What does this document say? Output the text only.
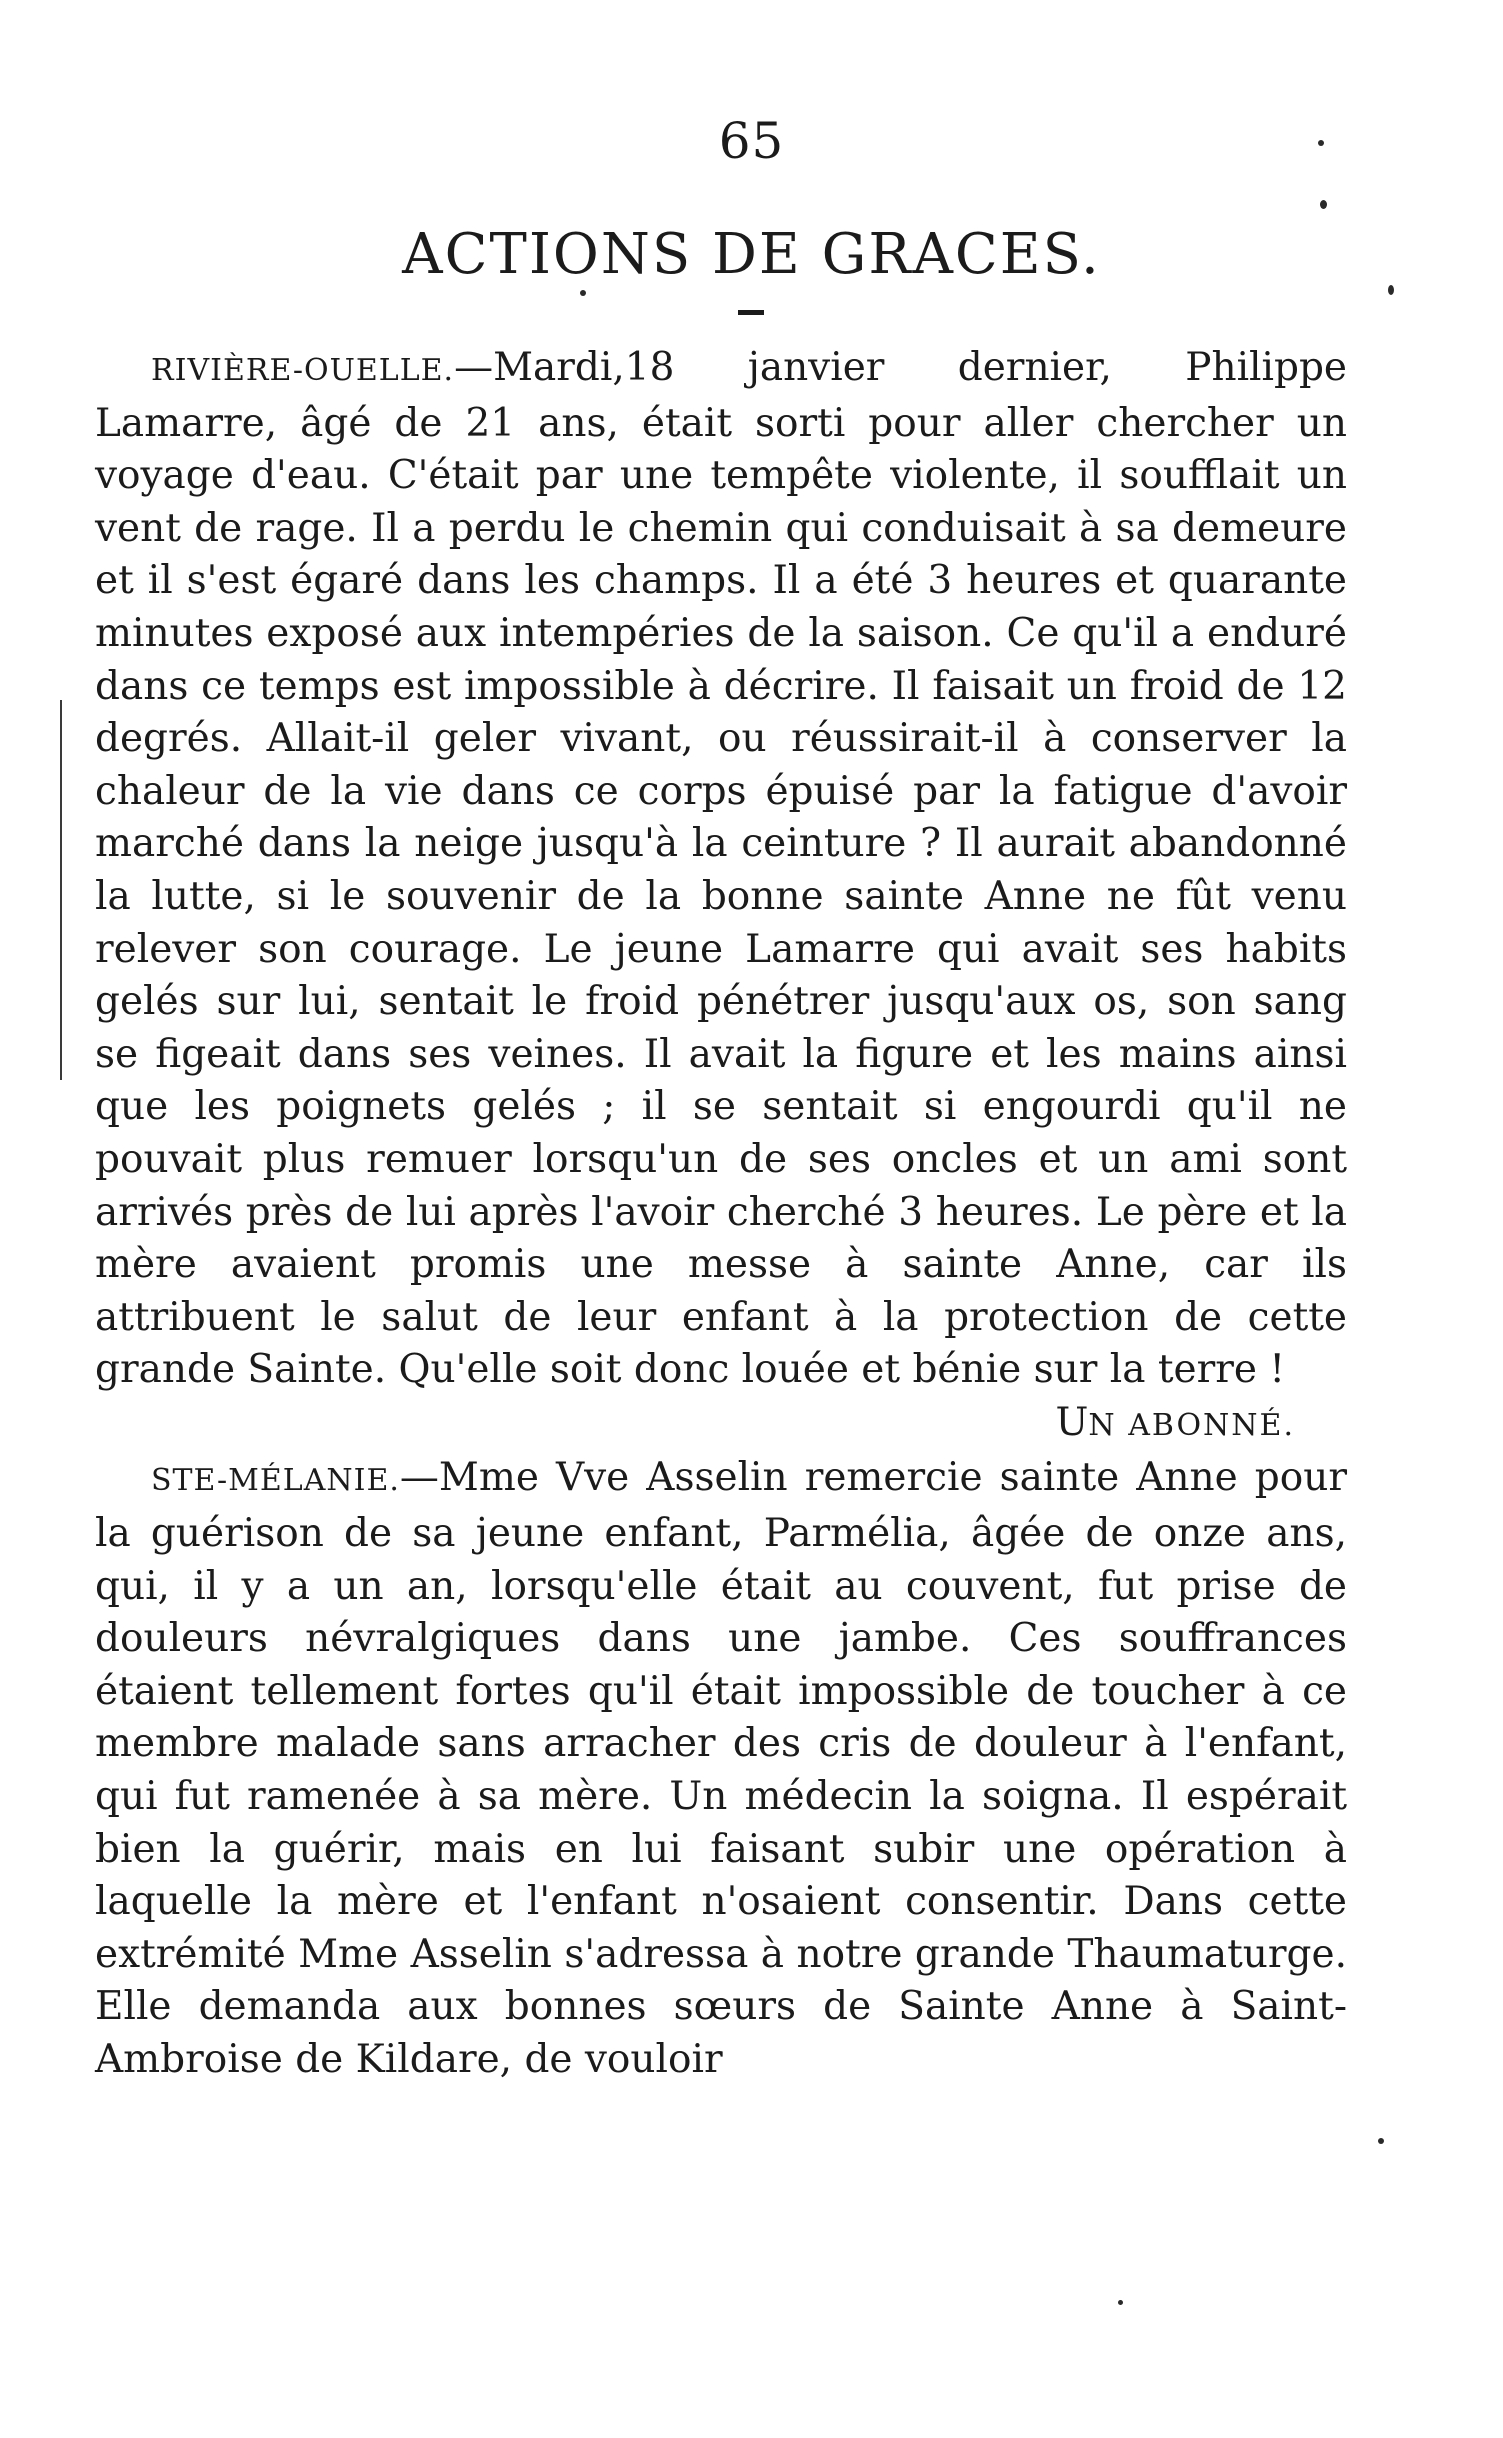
65
ACTIONS DE GRACES.

RIVIÈRE-OUELLE.—Mardi,18 janvier dernier, Philippe Lamarre, âgé de 21 ans, était sorti pour aller chercher un voyage d'eau. C'était par une tempête violente, il soufflait un vent de rage. Il a perdu le chemin qui conduisait à sa demeure et il s'est égaré dans les champs. Il a été 3 heures et quarante minutes exposé aux intempéries de la saison. Ce qu'il a enduré dans ce temps est impossible à décrire. Il faisait un froid de 12 degrés. Allait-il geler vivant, ou réussirait-il à conserver la chaleur de la vie dans ce corps épuisé par la fatigue d'avoir marché dans la neige jusqu'à la ceinture ? Il aurait abandonné la lutte, si le souvenir de la bonne sainte Anne ne fût venu relever son courage. Le jeune Lamarre qui avait ses habits gelés sur lui, sentait le froid pénétrer jusqu'aux os, son sang se figeait dans ses veines. Il avait la figure et les mains ainsi que les poignets gelés ; il se sentait si engourdi qu'il ne pouvait plus remuer lorsqu'un de ses oncles et un ami sont arrivés près de lui après l'avoir cherché 3 heures. Le père et la mère avaient promis une messe à sainte Anne, car ils attribuent le salut de leur enfant à la protection de cette grande Sainte. Qu'elle soit donc louée et bénie sur la terre !

UN ABONNÉ.

STE-MÉLANIE.—Mme Vve Asselin remercie sainte Anne pour la guérison de sa jeune enfant, Parmélia, âgée de onze ans, qui, il y a un an, lorsqu'elle était au couvent, fut prise de douleurs névralgiques dans une jambe. Ces souffrances étaient tellement fortes qu'il était impossible de toucher à ce membre malade sans arracher des cris de douleur à l'enfant, qui fut ramenée à sa mère. Un médecin la soigna. Il espérait bien la guérir, mais en lui faisant subir une opération à laquelle la mère et l'enfant n'osaient consentir. Dans cette extrémité Mme Asselin s'adressa à notre grande Thaumaturge. Elle demanda aux bonnes sœurs de Sainte Anne à Saint-Ambroise de Kildare, de vouloir
